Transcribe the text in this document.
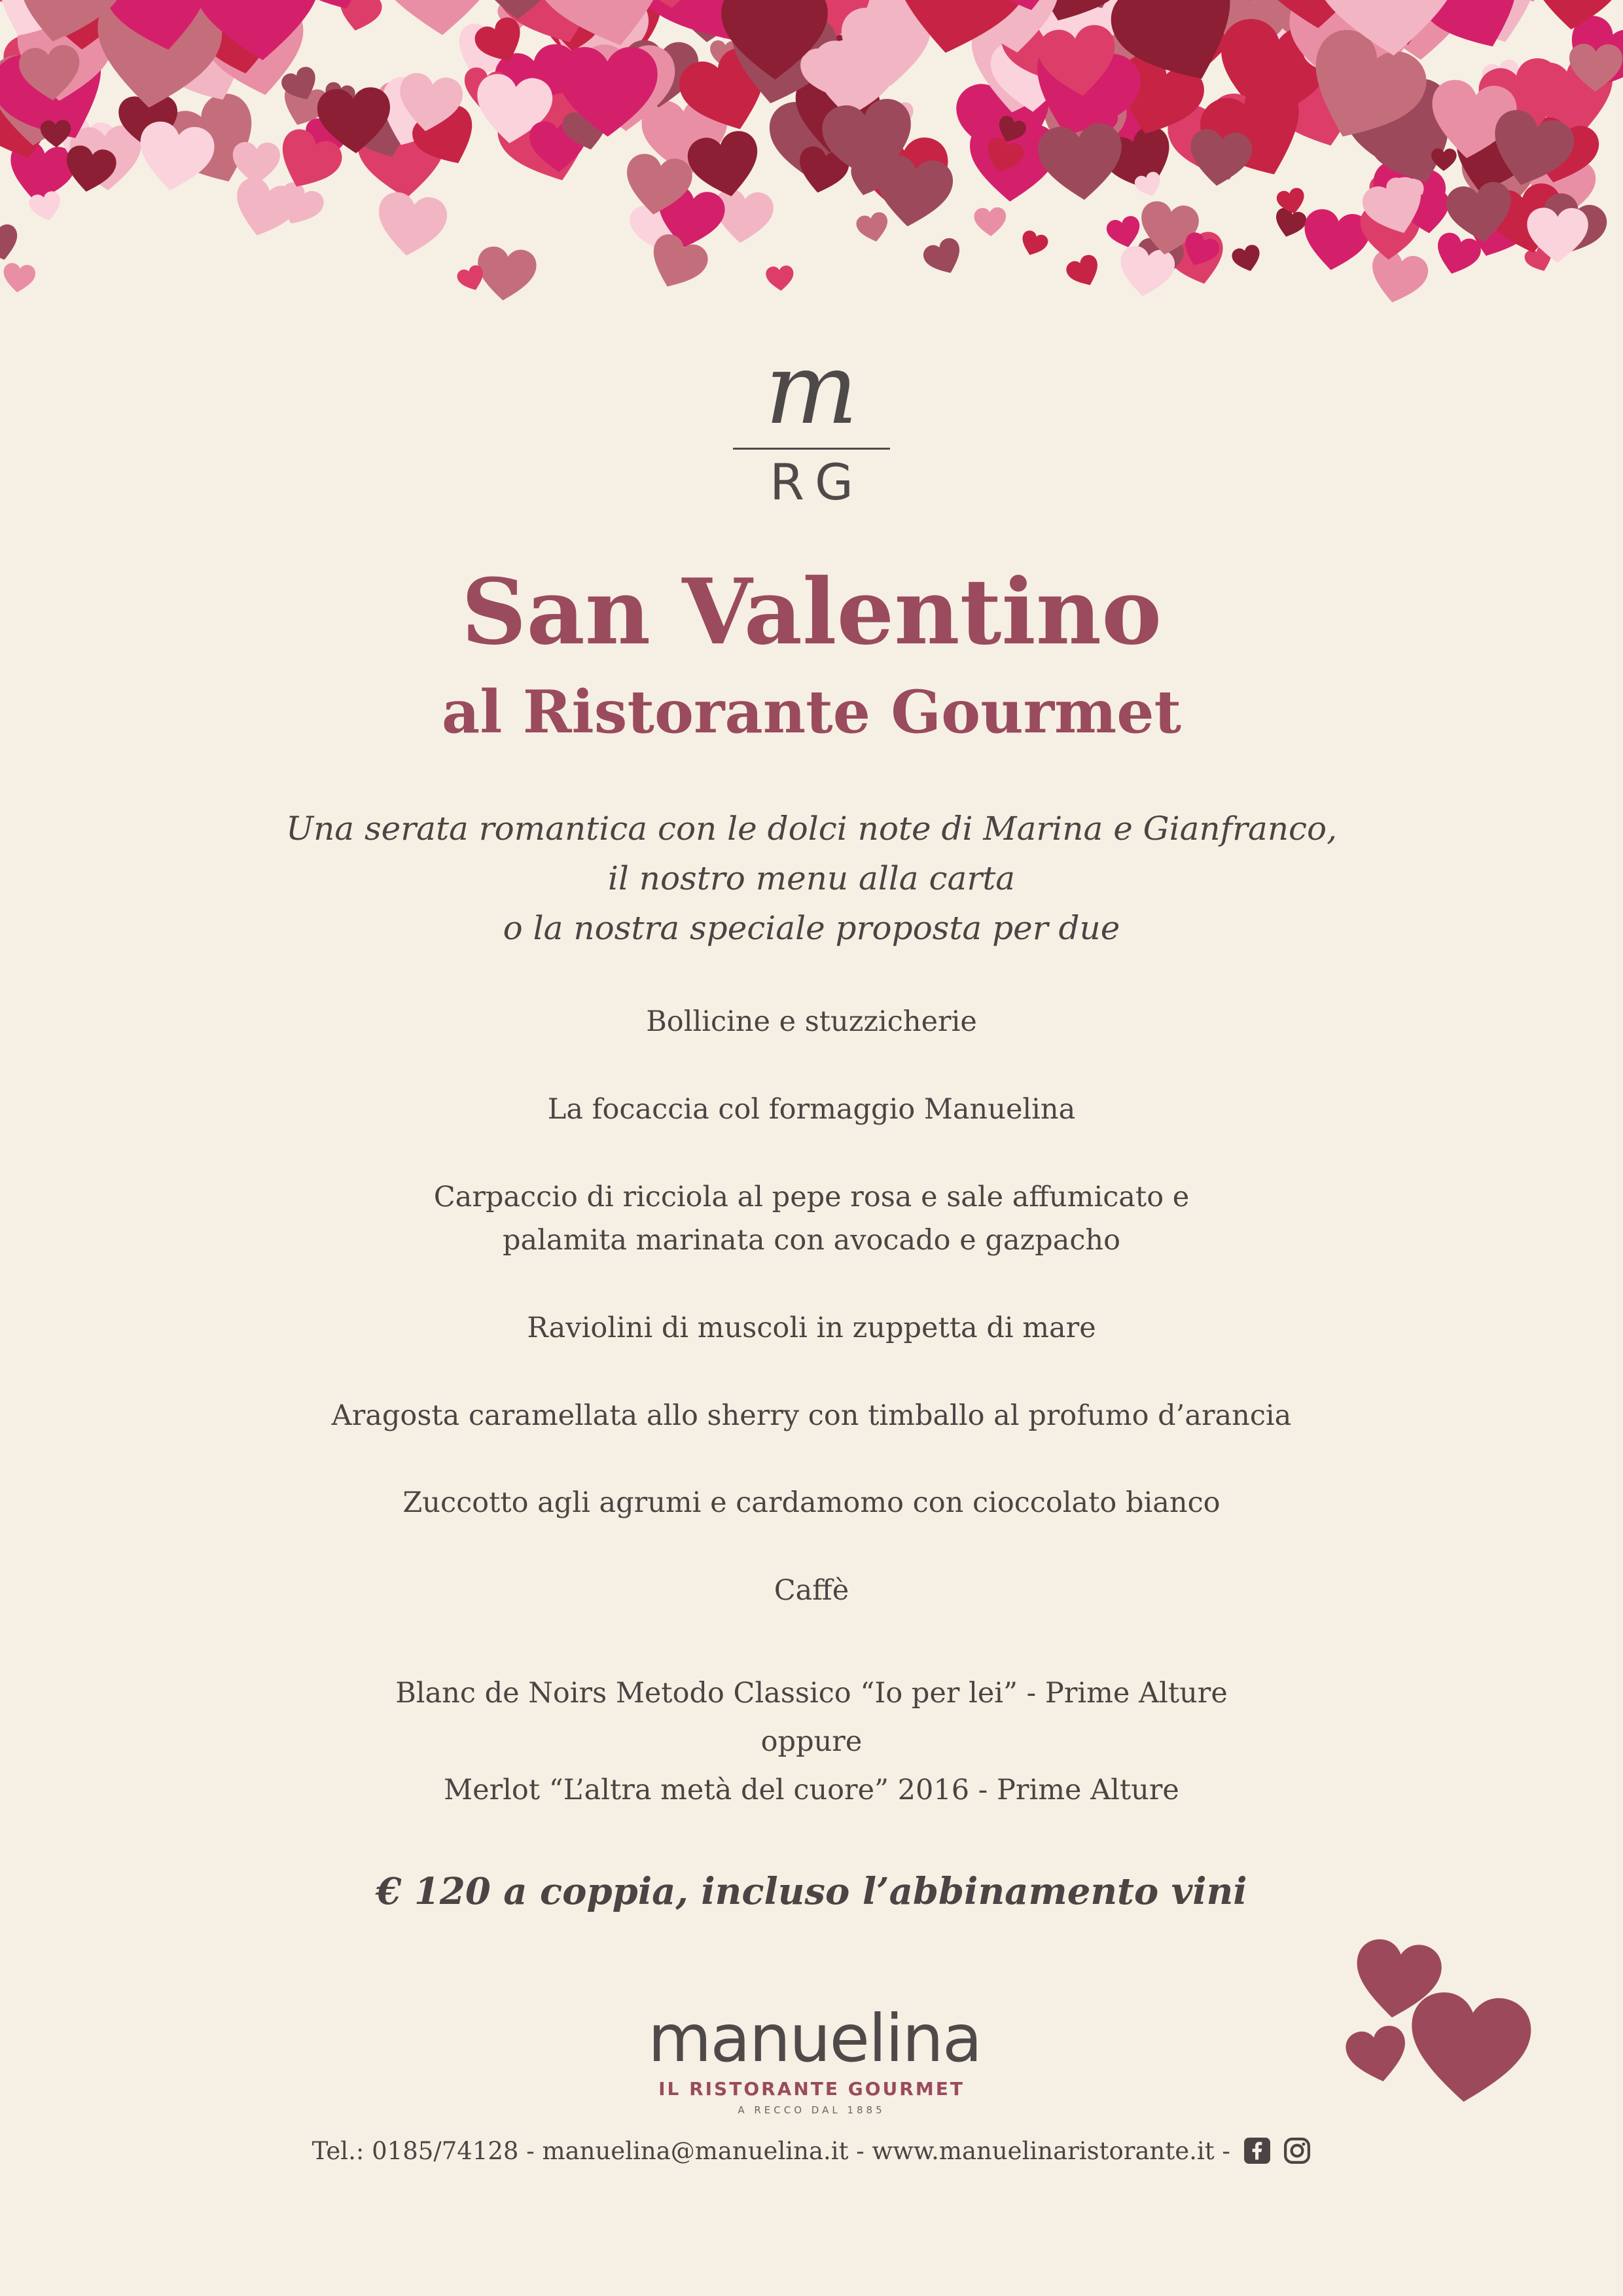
m
RG
San Valentino
al Ristorante Gourmet
Una serata romantica con le dolci note di Marina e Gianfranco,
il nostro menu alla carta
o la nostra speciale proposta per due
Bollicine e stuzzicherie
La focaccia col formaggio Manuelina
Carpaccio di ricciola al pepe rosa e sale affumicato e
palamita marinata con avocado e gazpacho
Raviolini di muscoli in zuppetta di mare
Aragosta caramellata allo sherry con timballo al profumo d’arancia
Zuccotto agli agrumi e cardamomo con cioccolato bianco
Caffè
Blanc de Noirs Metodo Classico “Io per lei” - Prime Alture
oppure
Merlot “L’altra metà del cuore” 2016 - Prime Alture
€ 120 a coppia, incluso l’abbinamento vini
manuelina
IL RISTORANTE GOURMET
A RECCO DAL 1885
Tel.: 0185/74128 - manuelina@manuelina.it - www.manuelinaristorante.it -
